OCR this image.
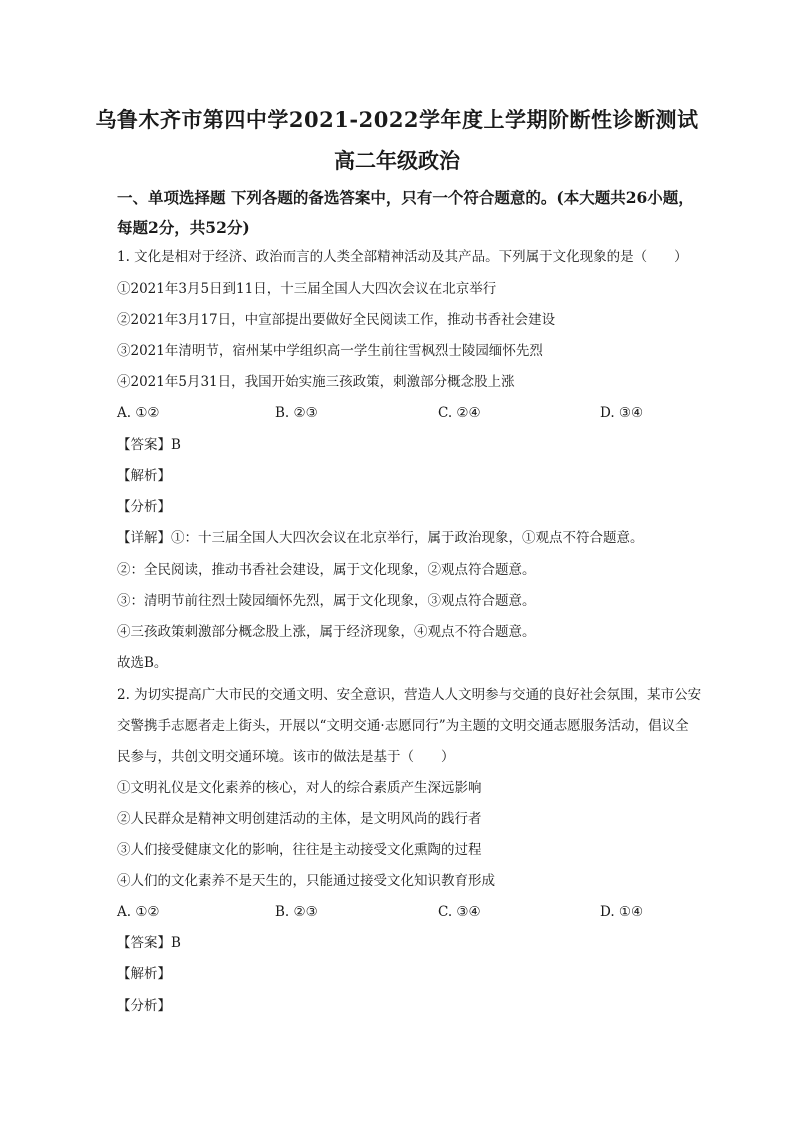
乌鲁木齐市第四中学2021-2022学年度上学期阶断性诊断测试
高二年级政治
一、单项选择题 下列各题的备选答案中，只有一个符合题意的。(本大题共26小题，每题2分，共52分)
1. 文化是相对于经济、政治而言的人类全部精神活动及其产品。下列属于文化现象的是（　　）
①2021年3月5日到11日，十三届全国人大四次会议在北京举行
②2021年3月17日，中宣部提出要做好全民阅读工作，推动书香社会建设
③2021年清明节，宿州某中学组织高一学生前往雪枫烈士陵园缅怀先烈
④2021年5月31日，我国开始实施三孩政策，刺激部分概念股上涨
A. ①②	B. ②③	C. ②④	D. ③④
【答案】B
【解析】
【分析】
【详解】①：十三届全国人大四次会议在北京举行，属于政治现象，①观点不符合题意。
②：全民阅读，推动书香社会建设，属于文化现象，②观点符合题意。
③：清明节前往烈士陵园缅怀先烈，属于文化现象，③观点符合题意。
④三孩政策刺激部分概念股上涨，属于经济现象，④观点不符合题意。
故选B。
2. 为切实提高广大市民的交通文明、安全意识，营造人人文明参与交通的良好社会氛围，某市公安交警携手志愿者走上街头，开展以“文明交通·志愿同行”为主题的文明交通志愿服务活动，倡议全民参与，共创文明交通环境。该市的做法是基于（　　）
①文明礼仪是文化素养的核心，对人的综合素质产生深远影响
②人民群众是精神文明创建活动的主体，是文明风尚的践行者
③人们接受健康文化的影响，往往是主动接受文化熏陶的过程
④人们的文化素养不是天生的，只能通过接受文化知识教育形成
A. ①②	B. ②③	C. ③④	D. ①④
【答案】B
【解析】
【分析】
